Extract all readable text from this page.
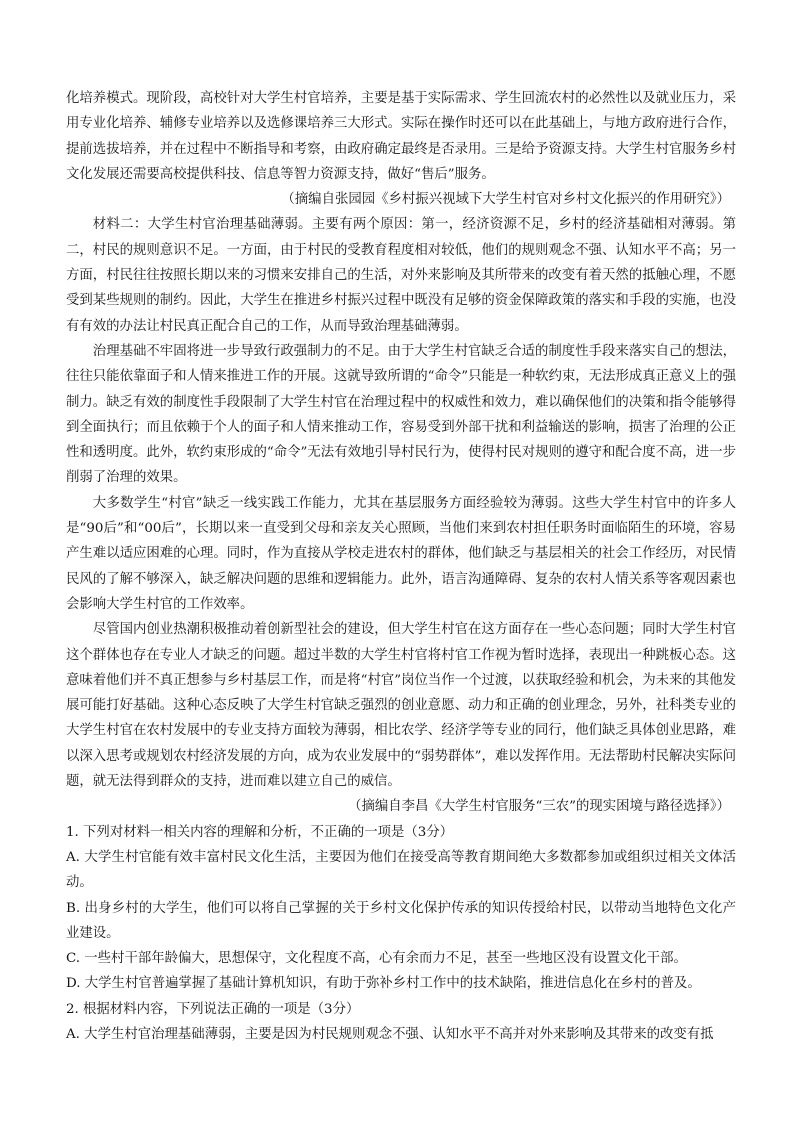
化培养模式。现阶段，高校针对大学生村官培养，主要是基于实际需求、学生回流农村的必然性以及就业压力，采用专业化培养、辅修专业培养以及选修课培养三大形式。实际在操作时还可以在此基础上，与地方政府进行合作，提前选拔培养，并在过程中不断指导和考察，由政府确定最终是否录用。三是给予资源支持。大学生村官服务乡村文化发展还需要高校提供科技、信息等智力资源支持，做好“售后”服务。

（摘编自张园园《乡村振兴视域下大学生村官对乡村文化振兴的作用研究》）

材料二：大学生村官治理基础薄弱。主要有两个原因：第一，经济资源不足，乡村的经济基础相对薄弱。第二，村民的规则意识不足。一方面，由于村民的受教育程度相对较低，他们的规则观念不强、认知水平不高；另一方面，村民往往按照长期以来的习惯来安排自己的生活，对外来影响及其所带来的改变有着天然的抵触心理，不愿受到某些规则的制约。因此，大学生在推进乡村振兴过程中既没有足够的资金保障政策的落实和手段的实施，也没有有效的办法让村民真正配合自己的工作，从而导致治理基础薄弱。

治理基础不牢固将进一步导致行政强制力的不足。由于大学生村官缺乏合适的制度性手段来落实自己的想法，往往只能依靠面子和人情来推进工作的开展。这就导致所谓的“命令”只能是一种软约束，无法形成真正意义上的强制力。缺乏有效的制度性手段限制了大学生村官在治理过程中的权威性和效力，难以确保他们的决策和指令能够得到全面执行；而且依赖于个人的面子和人情来推动工作，容易受到外部干扰和利益输送的影响，损害了治理的公正性和透明度。此外，软约束形成的“命令”无法有效地引导村民行为，使得村民对规则的遵守和配合度不高，进一步削弱了治理的效果。

大多数学生“村官”缺乏一线实践工作能力，尤其在基层服务方面经验较为薄弱。这些大学生村官中的许多人是“90后”和“00后”，长期以来一直受到父母和亲友关心照顾，当他们来到农村担任职务时面临陌生的环境，容易产生难以适应困难的心理。同时，作为直接从学校走进农村的群体，他们缺乏与基层相关的社会工作经历，对民情民风的了解不够深入，缺乏解决问题的思维和逻辑能力。此外，语言沟通障碍、复杂的农村人情关系等客观因素也会影响大学生村官的工作效率。

尽管国内创业热潮积极推动着创新型社会的建设，但大学生村官在这方面存在一些心态问题；同时大学生村官这个群体也存在专业人才缺乏的问题。超过半数的大学生村官将村官工作视为暂时选择，表现出一种跳板心态。这意味着他们并不真正想参与乡村基层工作，而是将“村官”岗位当作一个过渡，以获取经验和机会，为未来的其他发展可能打好基础。这种心态反映了大学生村官缺乏强烈的创业意愿、动力和正确的创业理念，另外，社科类专业的大学生村官在农村发展中的专业支持方面较为薄弱，相比农学、经济学等专业的同行，他们缺乏具体创业思路，难以深入思考或规划农村经济发展的方向，成为农业发展中的“弱势群体”，难以发挥作用。无法帮助村民解决实际问题，就无法得到群众的支持，进而难以建立自己的威信。

（摘编自李昌《大学生村官服务“三农”的现实困境与路径选择》）

1. 下列对材料一相关内容的理解和分析，不正确的一项是（3分）

A. 大学生村官能有效丰富村民文化生活，主要因为他们在接受高等教育期间绝大多数都参加或组织过相关文体活动。

B. 出身乡村的大学生，他们可以将自己掌握的关于乡村文化保护传承的知识传授给村民，以带动当地特色文化产业建设。

C. 一些村干部年龄偏大，思想保守，文化程度不高，心有余而力不足，甚至一些地区没有设置文化干部。

D. 大学生村官普遍掌握了基础计算机知识，有助于弥补乡村工作中的技术缺陷，推进信息化在乡村的普及。

2. 根据材料内容，下列说法正确的一项是（3分）

A. 大学生村官治理基础薄弱，主要是因为村民规则观念不强、认知水平不高并对外来影响及其带来的改变有抵
